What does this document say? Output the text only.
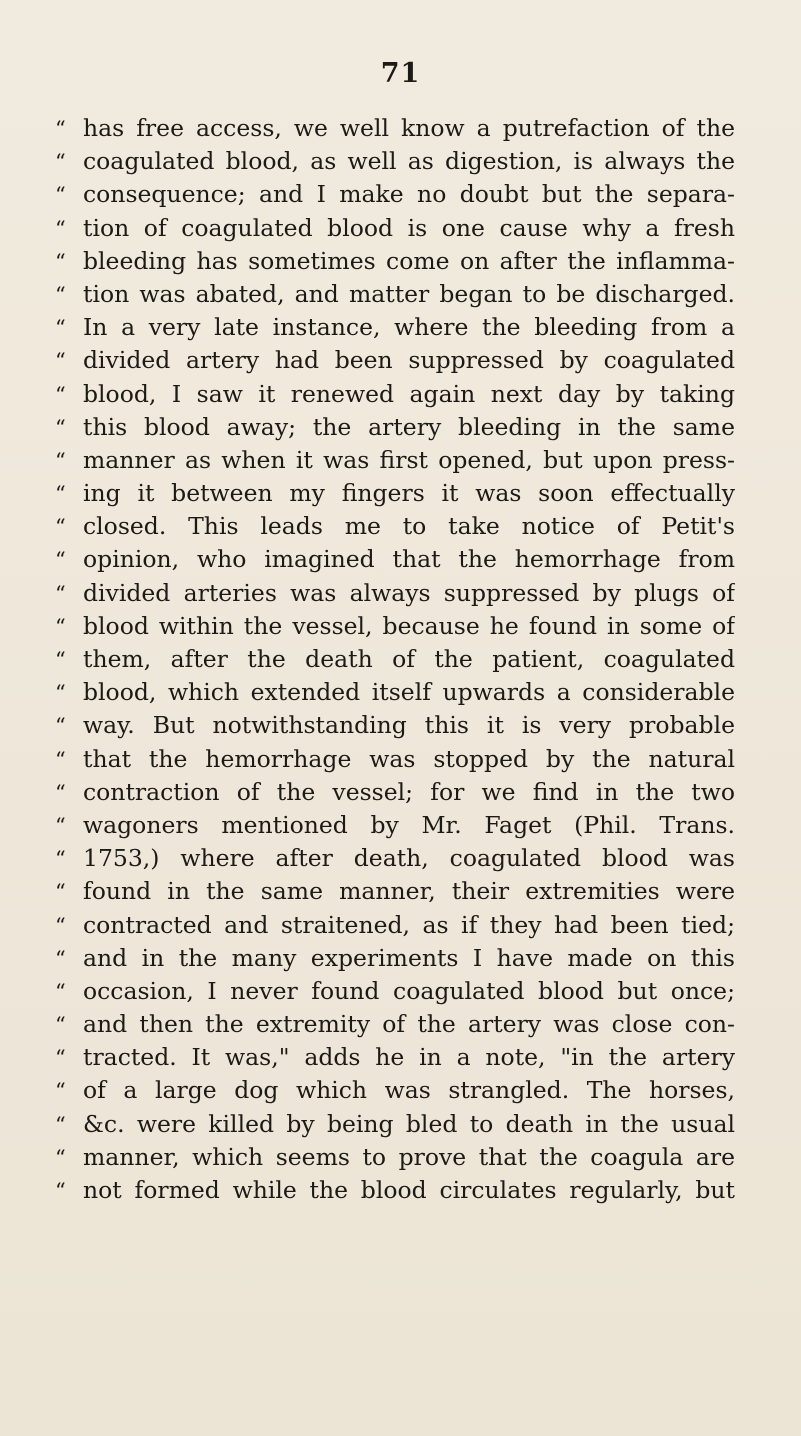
71
“ has free access, we well know a putrefaction of the
“ coagulated blood, as well as digestion, is always the
“ consequence; and I make no doubt but the separa-
“ tion of coagulated blood is one cause why a fresh
“ bleeding has sometimes come on after the inflamma-
“ tion was abated, and matter began to be discharged.
“ In a very late instance, where the bleeding from a
“ divided artery had been suppressed by coagulated
“ blood, I saw it renewed again next day by taking
“ this blood away; the artery bleeding in the same
“ manner as when it was first opened, but upon press-
“ ing it between my fingers it was soon effectually
“ closed. This leads me to take notice of Petit's
“ opinion, who imagined that the hemorrhage from
“ divided arteries was always suppressed by plugs of
“ blood within the vessel, because he found in some of
“ them, after the death of the patient, coagulated
“ blood, which extended itself upwards a considerable
“ way. But notwithstanding this it is very probable
“ that the hemorrhage was stopped by the natural
“ contraction of the vessel; for we find in the two
“ wagoners mentioned by Mr. Faget (Phil. Trans.
“ 1753,) where after death, coagulated blood was
“ found in the same manner, their extremities were
“ contracted and straitened, as if they had been tied;
“ and in the many experiments I have made on this
“ occasion, I never found coagulated blood but once;
“ and then the extremity of the artery was close con-
“ tracted. It was," adds he in a note, "in the artery
“ of a large dog which was strangled. The horses,
“ &c. were killed by being bled to death in the usual
“ manner, which seems to prove that the coagula are
“ not formed while the blood circulates regularly, but
